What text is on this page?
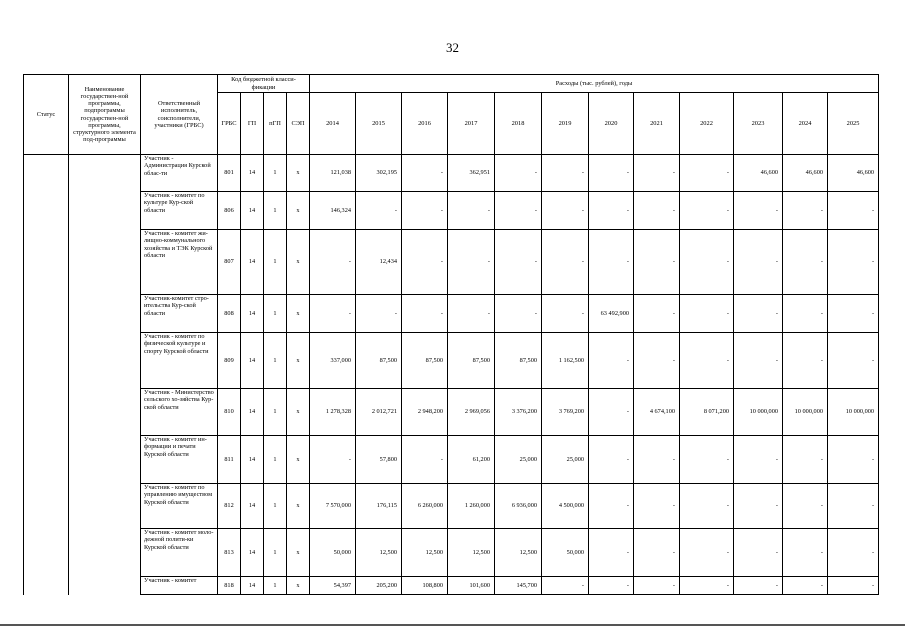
32
Статус	Наименование государствен-ной программы, подпрограммы государствен-ной программы, структурного элемента под-программы	Ответственный исполнитель, соисполнители, участники (ГРБС)	Код бюджетной класси-фикации				Расходы (тыс. рублей), годы											
			ГРБС	ГП	пГП	СЭП	2014	2015	2016	2017	2018	2019	2020	2021	2022	2023	2024	2025
		Участник - Администрация Курской облас-ти	801	14	1	х	121,038	302,195	-	362,951	-	-	-	-	-	46,600	46,600	46,600
		Участник - комитет по культуре Кур-ской области	806	14	1	х	146,324	-	-	-	-	-	-	-	-	-	-	-
		Участник - комитет жи-лищно-коммунального хозяйства и ТЭК Курской области	807	14	1	х	-	12,434	-	-	-	-	-	-	-	-	-	-
		Участник-комитет стро-ительства Кур-ской области	808	14	1	х	-	-	-	-	-	-	63 492,900	-	-	-	-	-
		Участник - комитет по физической культуре и спорту Курской области	809	14	1	х	337,000	87,500	87,500	87,500	87,500	1 162,500	-	-	-	-	-	-
		Участник - Министерство сельского хо-зяйства Кур-ской области	810	14	1	х	1 278,328	2 012,721	2 948,200	2 969,056	3 376,200	3 769,200	-	4 674,100	8 071,200	10 000,000	10 000,000	10 000,000
		Участник - комитет ин-формации и печати Курской области	811	14	1	х	-	57,800	-	61,200	25,000	25,000	-	-	-	-	-	-
		Участник - комитет по управлению имуществом Курской области	812	14	1	х	7 570,000	176,115	6 260,000	1 260,000	6 936,000	4 500,000	-	-	-	-	-	-
		Участник - комитет моло-дежной полити-ки Курской области	813	14	1	х	50,000	12,500	12,500	12,500	12,500	50,000	-	-	-	-	-	-
		Участник - комитет	818	14	1	х	54,397	205,200	108,800	101,600	145,700	-	-	-	-	-	-	-
